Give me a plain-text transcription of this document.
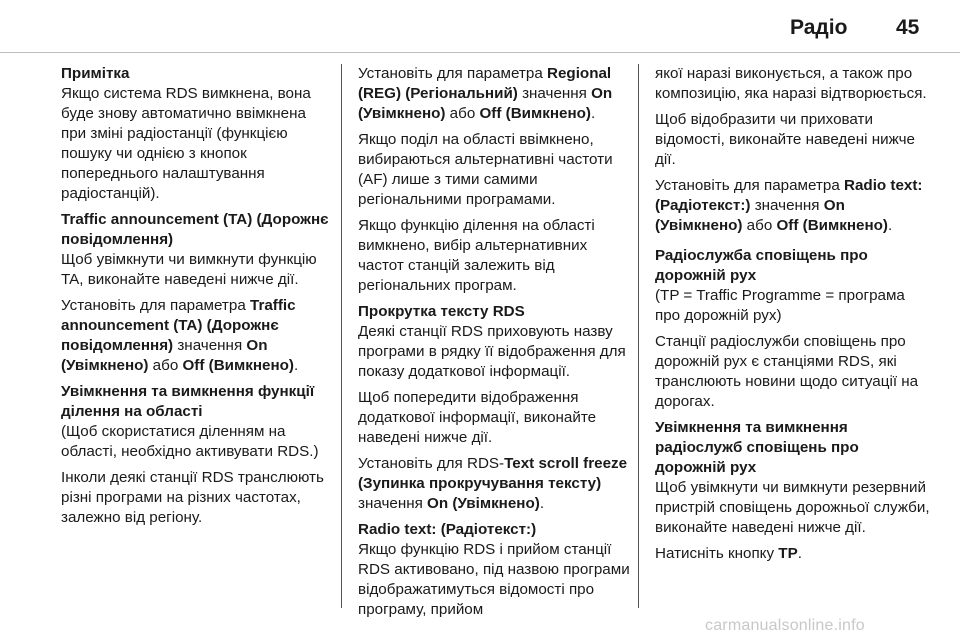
Радіо 45
Примітка
Якщо система RDS вимкнена, вона буде знову автоматично ввімкнена при зміні радіостанції (функцією пошуку чи однією з кнопок попереднього налаштування радіостанцій).
Traffic announcement (TA) (Дорожнє повідомлення)

Щоб увімкнути чи вимкнути функцію TA, виконайте наведені нижче дії.

Установіть для параметра Traffic announcement (TA) (Дорожнє повідомлення) значення On (Увімкнено) або Off (Вимкнено).

Увімкнення та вимкнення функції ділення на області

(Щоб скористатися діленням на області, необхідно активувати RDS.)

Інколи деякі станції RDS транслюють різні програми на різних частотах, залежно від регіону.

Установіть для параметра Regional (REG) (Регіональний) значення On (Увімкнено) або Off (Вимкнено).

Якщо поділ на області ввімкнено, вибираються альтернативні частоти (AF) лише з тими самими регіональними програмами.

Якщо функцію ділення на області вимкнено, вибір альтернативних частот станцій залежить від регіональних програм.

Прокрутка тексту RDS

Деякі станції RDS приховують назву програми в рядку її відображення для показу додаткової інформації.

Щоб попередити відображення додаткової інформації, виконайте наведені нижче дії.

Установіть для RDS-Text scroll freeze (Зупинка прокручування тексту) значення On (Увімкнено).

Radio text: (Радіотекст:)

Якщо функцію RDS і прийом станції RDS активовано, під назвою програми відображатимуться відомості про програму, прийом

якої наразі виконується, а також про композицію, яка наразі відтворюється.

Щоб відобразити чи приховати відомості, виконайте наведені нижче дії.

Установіть для параметра Radio text: (Радіотекст:) значення On (Увімкнено) або Off (Вимкнено).

Радіослужба сповіщень про дорожній рух

(TP = Traffic Programme = програма про дорожній рух)

Станції радіослужби сповіщень про дорожній рух є станціями RDS, які транслюють новини щодо ситуації на дорогах.

Увімкнення та вимкнення радіослужб сповіщень про дорожній рух

Щоб увімкнути чи вимкнути резервний пристрій сповіщень дорожньої служби, виконайте наведені нижче дії.

Натисніть кнопку TP.

carmanualsonline.info
